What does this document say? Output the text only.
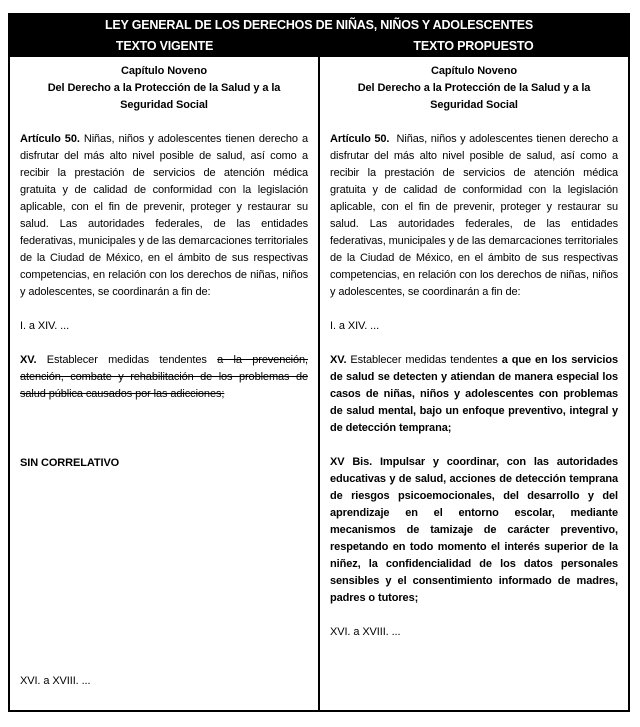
LEY GENERAL DE LOS DERECHOS DE NIÑAS, NIÑOS Y ADOLESCENTES
TEXTO VIGENTE	TEXTO PROPUESTO

Capítulo Noveno
Del Derecho a la Protección de la Salud y a la Seguridad Social

Artículo 50. Niñas, niños y adolescentes tienen derecho a disfrutar del más alto nivel posible de salud, así como a recibir la prestación de servicios de atención médica gratuita y de calidad de conformidad con la legislación aplicable, con el fin de prevenir, proteger y restaurar su salud. Las autoridades federales, de las entidades federativas, municipales y de las demarcaciones territoriales de la Ciudad de México, en el ámbito de sus respectivas competencias, en relación con los derechos de niñas, niños y adolescentes, se coordinarán a fin de:

I. a XIV. ...

XV. Establecer medidas tendentes a la prevención, atención, combate y rehabilitación de los problemas de salud pública causados por las adicciones;

SIN CORRELATIVO

XVI. a XVIII. ...

Capítulo Noveno
Del Derecho a la Protección de la Salud y a la Seguridad Social

Artículo 50.  Niñas, niños y adolescentes tienen derecho a disfrutar del más alto nivel posible de salud, así como a recibir la prestación de servicios de atención médica gratuita y de calidad de conformidad con la legislación aplicable, con el fin de prevenir, proteger y restaurar su salud. Las autoridades federales, de las entidades federativas, municipales y de las demarcaciones territoriales de la Ciudad de México, en el ámbito de sus respectivas competencias, en relación con los derechos de niñas, niños y adolescentes, se coordinarán a fin de:

I. a XIV. ...

XV. Establecer medidas tendentes a que en los servicios de salud se detecten y atiendan de manera especial los casos de niñas, niños y adolescentes con problemas de salud mental, bajo un enfoque preventivo, integral y de detección temprana;

XV Bis. Impulsar y coordinar, con las autoridades educativas y de salud, acciones de detección temprana de riesgos psicoemocionales, del desarrollo y del aprendizaje en el entorno escolar, mediante mecanismos de tamizaje de carácter preventivo, respetando en todo momento el interés superior de la niñez, la confidencialidad de los datos personales sensibles y el consentimiento informado de madres, padres o tutores;

XVI. a XVIII. ...
